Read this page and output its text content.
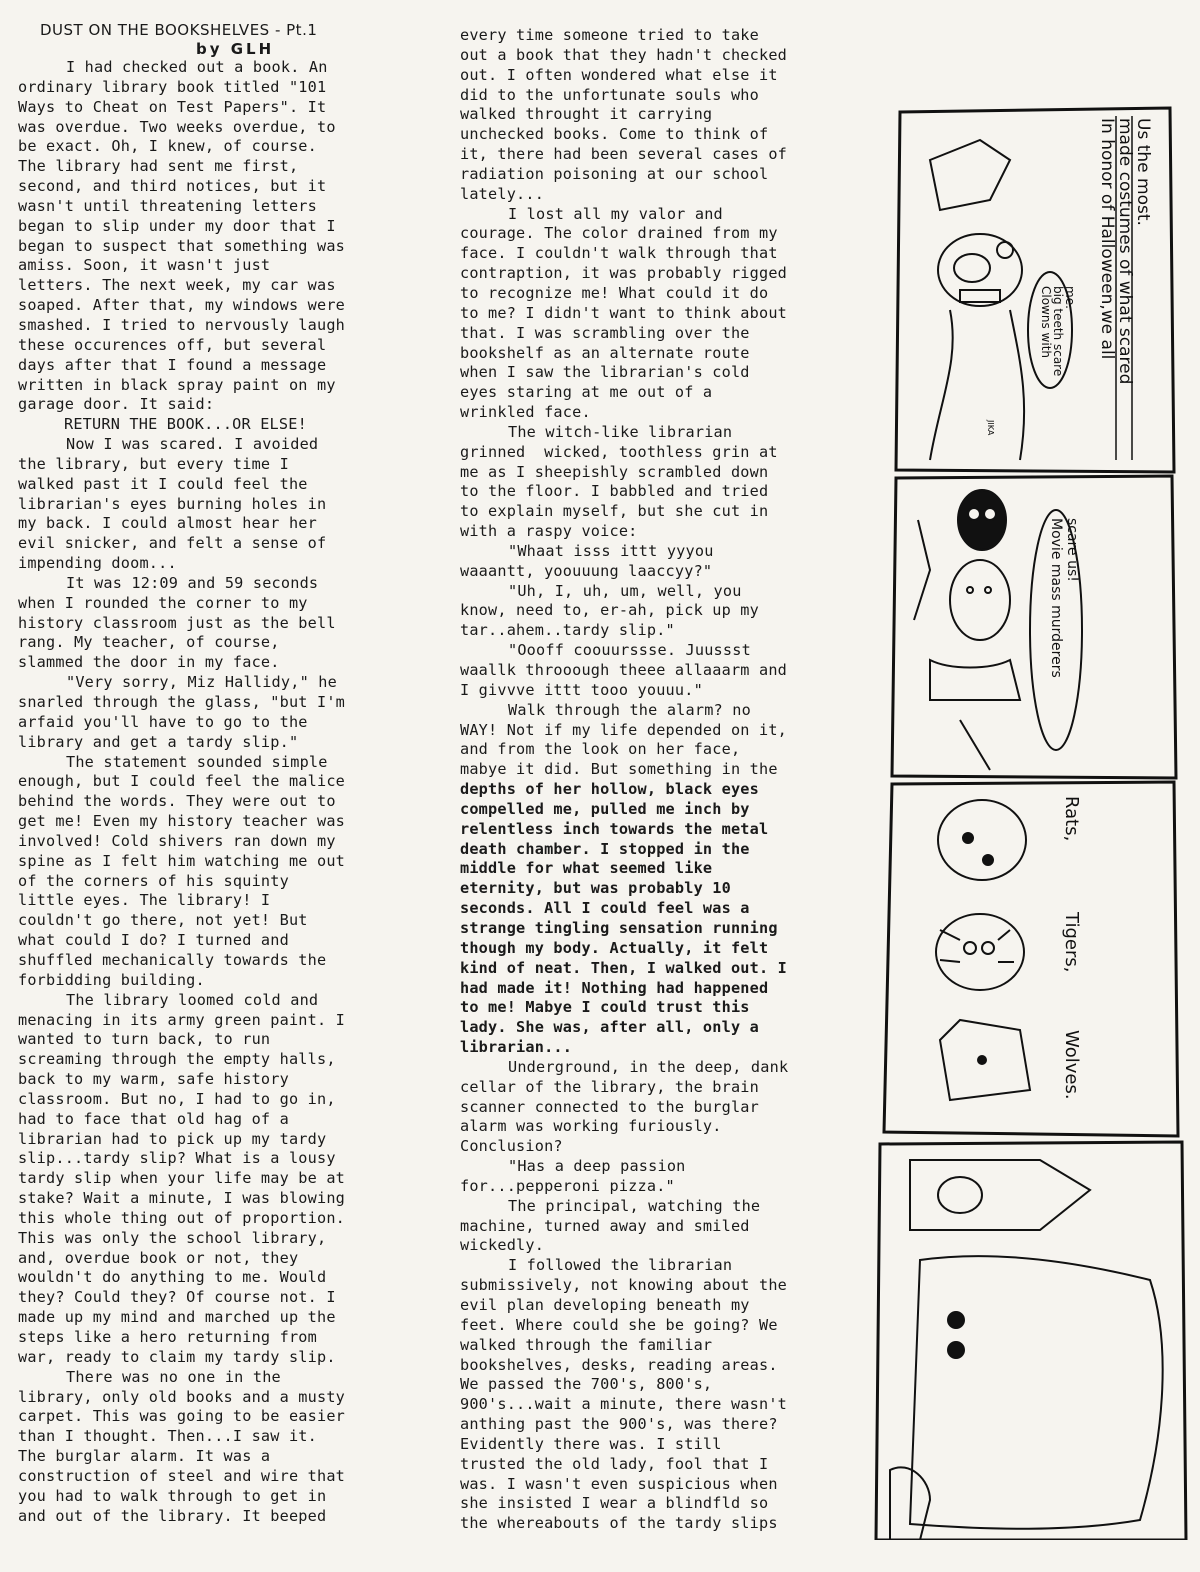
DUST ON THE BOOKSHELVES - Pt.1
by GLH

I had checked out a book. An
ordinary library book titled "101
Ways to Cheat on Test Papers". It
was overdue. Two weeks overdue, to
be exact. Oh, I knew, of course.
The library had sent me first,
second, and third notices, but it
wasn't until threatening letters
began to slip under my door that I
began to suspect that something was
amiss. Soon, it wasn't just
letters. The next week, my car was
soaped. After that, my windows were
smashed. I tried to nervously laugh
these occurences off, but several
days after that I found a message
written in black spray paint on my
garage door. It said:

RETURN THE BOOK...OR ELSE!

Now I was scared. I avoided
the library, but every time I
walked past it I could feel the
librarian's eyes burning holes in
my back. I could almost hear her
evil snicker, and felt a sense of
impending doom...

It was 12:09 and 59 seconds
when I rounded the corner to my
history classroom just as the bell
rang. My teacher, of course,
slammed the door in my face.

"Very sorry, Miz Hallidy," he
snarled through the glass, "but I'm
arfaid you'll have to go to the
library and get a tardy slip."

The statement sounded simple
enough, but I could feel the malice
behind the words. They were out to
get me! Even my history teacher was
involved! Cold shivers ran down my
spine as I felt him watching me out
of the corners of his squinty
little eyes. The library! I
couldn't go there, not yet! But
what could I do? I turned and
shuffled mechanically towards the
forbidding building.

The library loomed cold and
menacing in its army green paint. I
wanted to turn back, to run
screaming through the empty halls,
back to my warm, safe history
classroom. But no, I had to go in,
had to face that old hag of a
librarian had to pick up my tardy
slip...tardy slip? What is a lousy
tardy slip when your life may be at
stake? Wait a minute, I was blowing
this whole thing out of proportion.
This was only the school library,
and, overdue book or not, they
wouldn't do anything to me. Would
they? Could they? Of course not. I
made up my mind and marched up the
steps like a hero returning from
war, ready to claim my tardy slip.

There was no one in the
library, only old books and a musty
carpet. This was going to be easier
than I thought. Then...I saw it.
The burglar alarm. It was a
construction of steel and wire that
you had to walk through to get in
and out of the library. It beeped

every time someone tried to take
out a book that they hadn't checked
out. I often wondered what else it
did to the unfortunate souls who
walked throught it carrying
unchecked books. Come to think of
it, there had been several cases of
radiation poisoning at our school
lately...

I lost all my valor and
courage. The color drained from my
face. I couldn't walk through that
contraption, it was probably rigged
to recognize me! What could it do
to me? I didn't want to think about
that. I was scrambling over the
bookshelf as an alternate route
when I saw the librarian's cold
eyes staring at me out of a
wrinkled face.

The witch-like librarian
grinned  wicked, toothless grin at
me as I sheepishly scrambled down
to the floor. I babbled and tried
to explain myself, but she cut in
with a raspy voice:

"Whaat isss ittt yyyou
waaantt, yoouuung laaccyy?"

"Uh, I, uh, um, well, you
know, need to, er-ah, pick up my
tar..ahem..tardy slip."

"Oooff coouurssse. Juussst
waallk throoough theee allaaarm and
I givvve ittt tooo youuu."

Walk through the alarm? no
WAY! Not if my life depended on it,
and from the look on her face,
mabye it did. But something in the

depths of her hollow, black eyes
compelled me, pulled me inch by
relentless inch towards the metal
death chamber. I stopped in the
middle for what seemed like
eternity, but was probably 10
seconds. All I could feel was a
strange tingling sensation running
though my body. Actually, it felt
kind of neat. Then, I walked out. I
had made it! Nothing had happened
to me! Mabye I could trust this
lady. She was, after all, only a
librarian...

Underground, in the deep, dank
cellar of the library, the brain
scanner connected to the burglar
alarm was working furiously.
Conclusion?

"Has a deep passion
for...pepperoni pizza."

The principal, watching the
machine, turned away and smiled
wickedly.

I followed the librarian
submissively, not knowing about the
evil plan developing beneath my
feet. Where could she be going? We
walked through the familiar
bookshelves, desks, reading areas.
We passed the 700's, 800's,
900's...wait a minute, there wasn't
anthing past the 900's, was there?
Evidently there was. I still
trusted the old lady, fool that I
was. I wasn't even suspicious when
she insisted I wear a blindfld so
the whereabouts of the tardy slips

In honor of Halloween,we all
made costumes of what scared
Us the most.
Clowns with
big teeth scare
me.
JIKA
Movie mass murderers scare us!
Rats,
Tigers,
Wolves.
